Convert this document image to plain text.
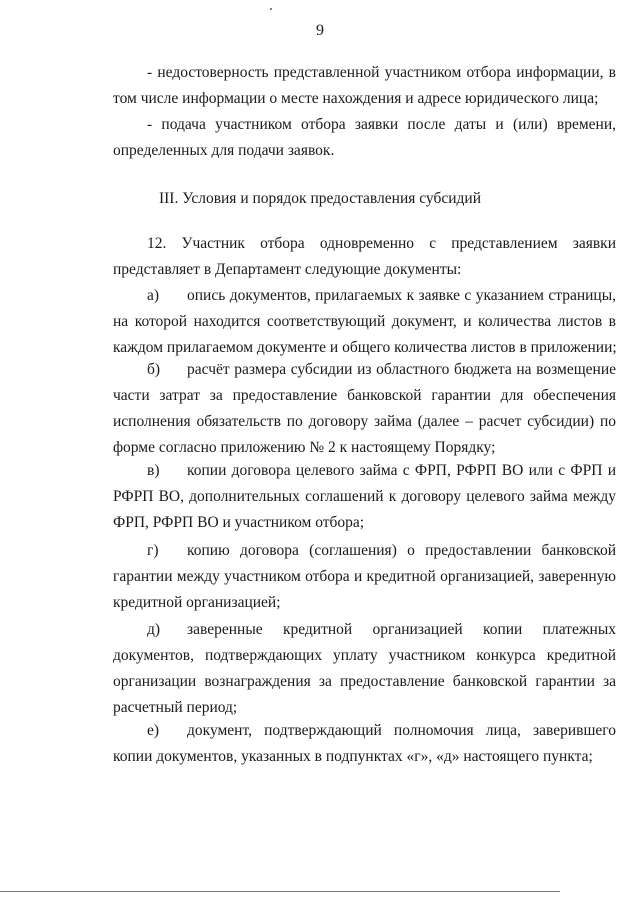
9
- недостоверность представленной участником отбора информации, в
том числе информации о месте нахождения и адресе юридического лица;
- подача участником отбора заявки после даты и (или) времени,
определенных для подачи заявок.
III. Условия и порядок предоставления субсидий
12. Участник отбора одновременно с представлением заявки
представляет в Департамент следующие документы:
а) опись документов, прилагаемых к заявке с указанием страницы,
на которой находится соответствующий документ, и количества листов в
каждом прилагаемом документе и общего количества листов в приложении;
б) расчёт размера субсидии из областного бюджета на возмещение
части затрат за предоставление банковской гарантии для обеспечения
исполнения обязательств по договору займа (далее – расчет субсидии) по
форме согласно приложению № 2 к настоящему Порядку;
в) копии договора целевого займа с ФРП, РФРП ВО или с ФРП и
РФРП ВО, дополнительных соглашений к договору целевого займа между
ФРП, РФРП ВО и участником отбора;
г) копию договора (соглашения) о предоставлении банковской
гарантии между участником отбора и кредитной организацией, заверенную
кредитной организацией;
д) заверенные кредитной организацией копии платежных
документов, подтверждающих уплату участником конкурса кредитной
организации вознаграждения за предоставление банковской гарантии за
расчетный период;
е) документ, подтверждающий полномочия лица, заверившего
копии документов, указанных в подпунктах «г», «д» настоящего пункта;
